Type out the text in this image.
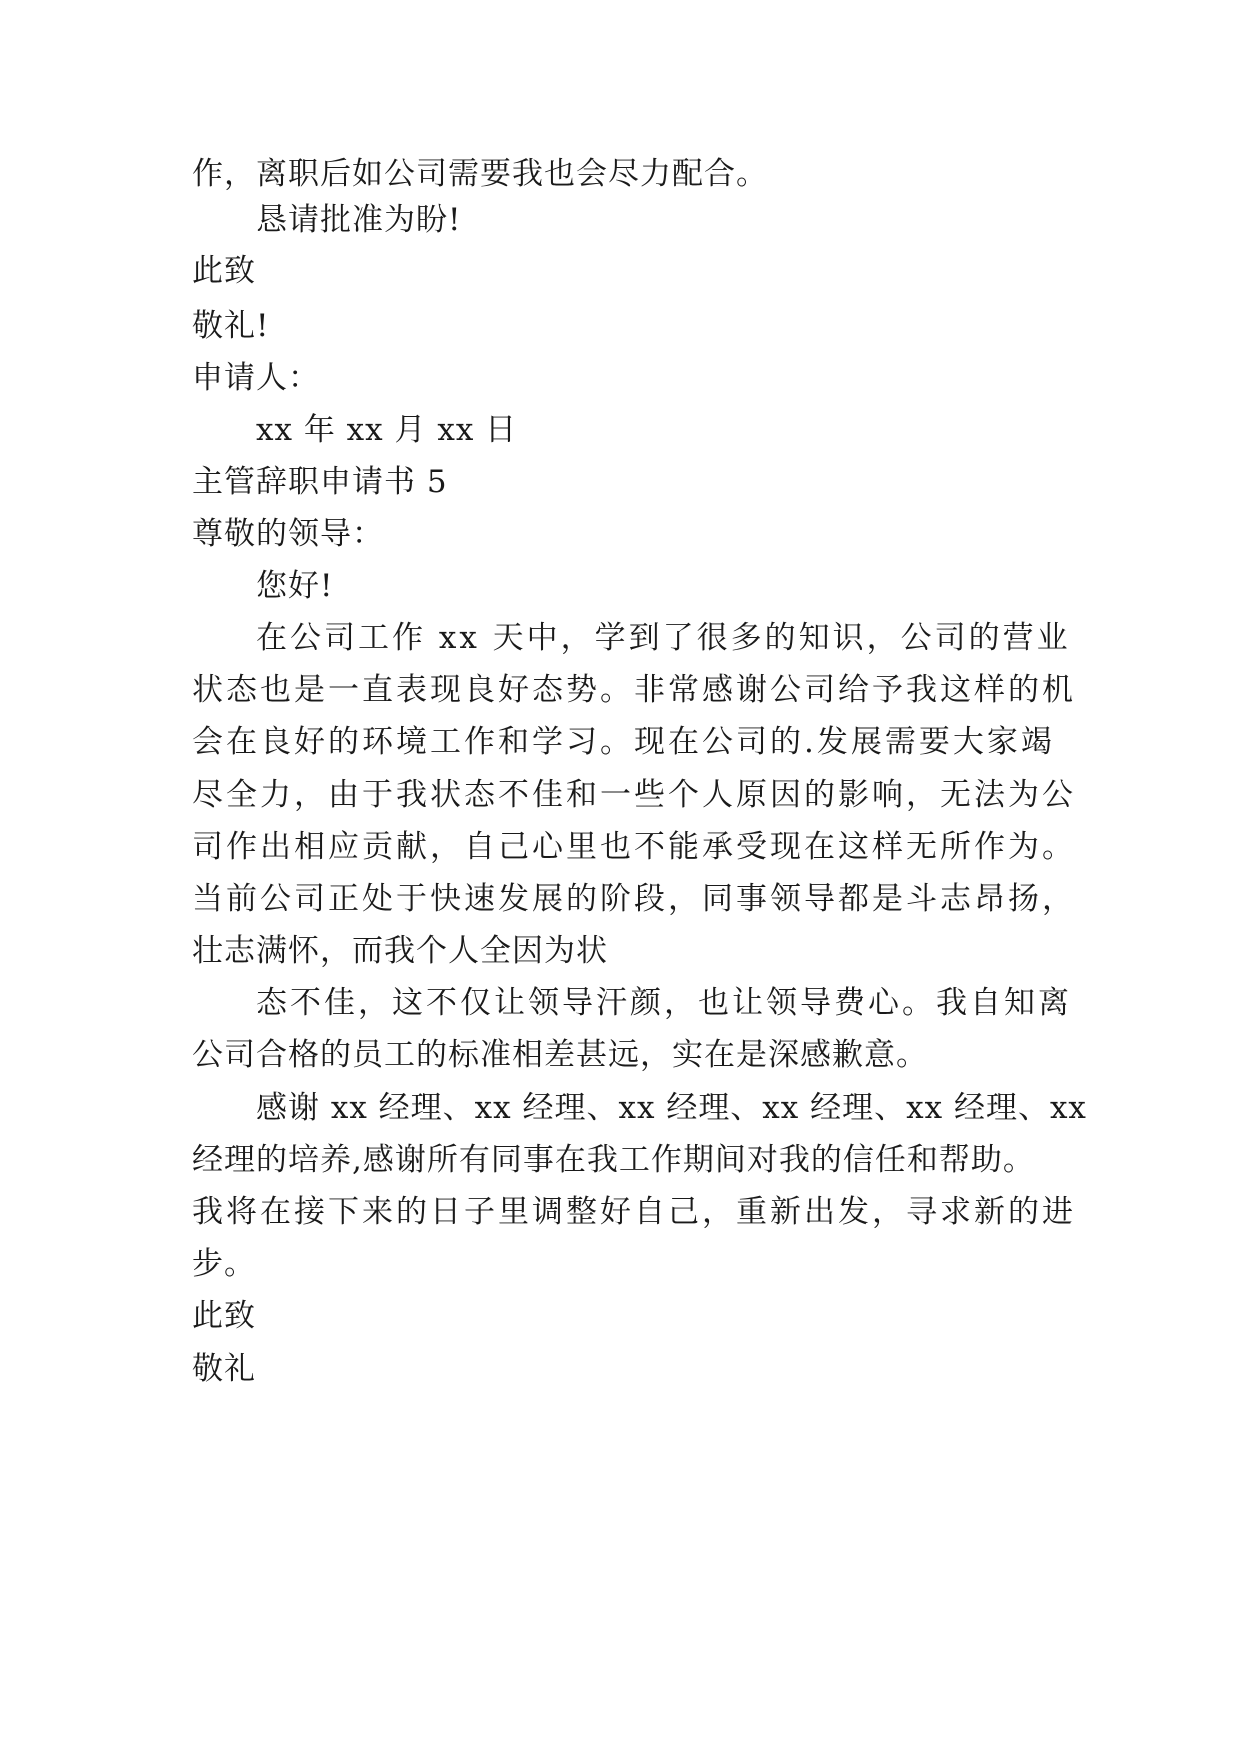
作，离职后如公司需要我也会尽力配合。
恳请批准为盼!
此致
敬礼!
申请人：
xx 年 xx 月 xx 日
主管辞职申请书 5
尊敬的领导：
您好!
在公司工作 xx 天中，学到了很多的知识，公司的营业
状态也是一直表现良好态势。非常感谢公司给予我这样的机
会在良好的环境工作和学习。现在公司的.发展需要大家竭
尽全力，由于我状态不佳和一些个人原因的影响，无法为公
司作出相应贡献，自己心里也不能承受现在这样无所作为。
当前公司正处于快速发展的阶段，同事领导都是斗志昂扬，
壮志满怀，而我个人全因为状
态不佳，这不仅让领导汗颜，也让领导费心。我自知离
公司合格的员工的标准相差甚远，实在是深感歉意。
感谢 xx 经理、xx 经理、xx 经理、xx 经理、xx 经理、xx
经理的培养,感谢所有同事在我工作期间对我的信任和帮助。
我将在接下来的日子里调整好自己，重新出发，寻求新的进
步。
此致
敬礼
